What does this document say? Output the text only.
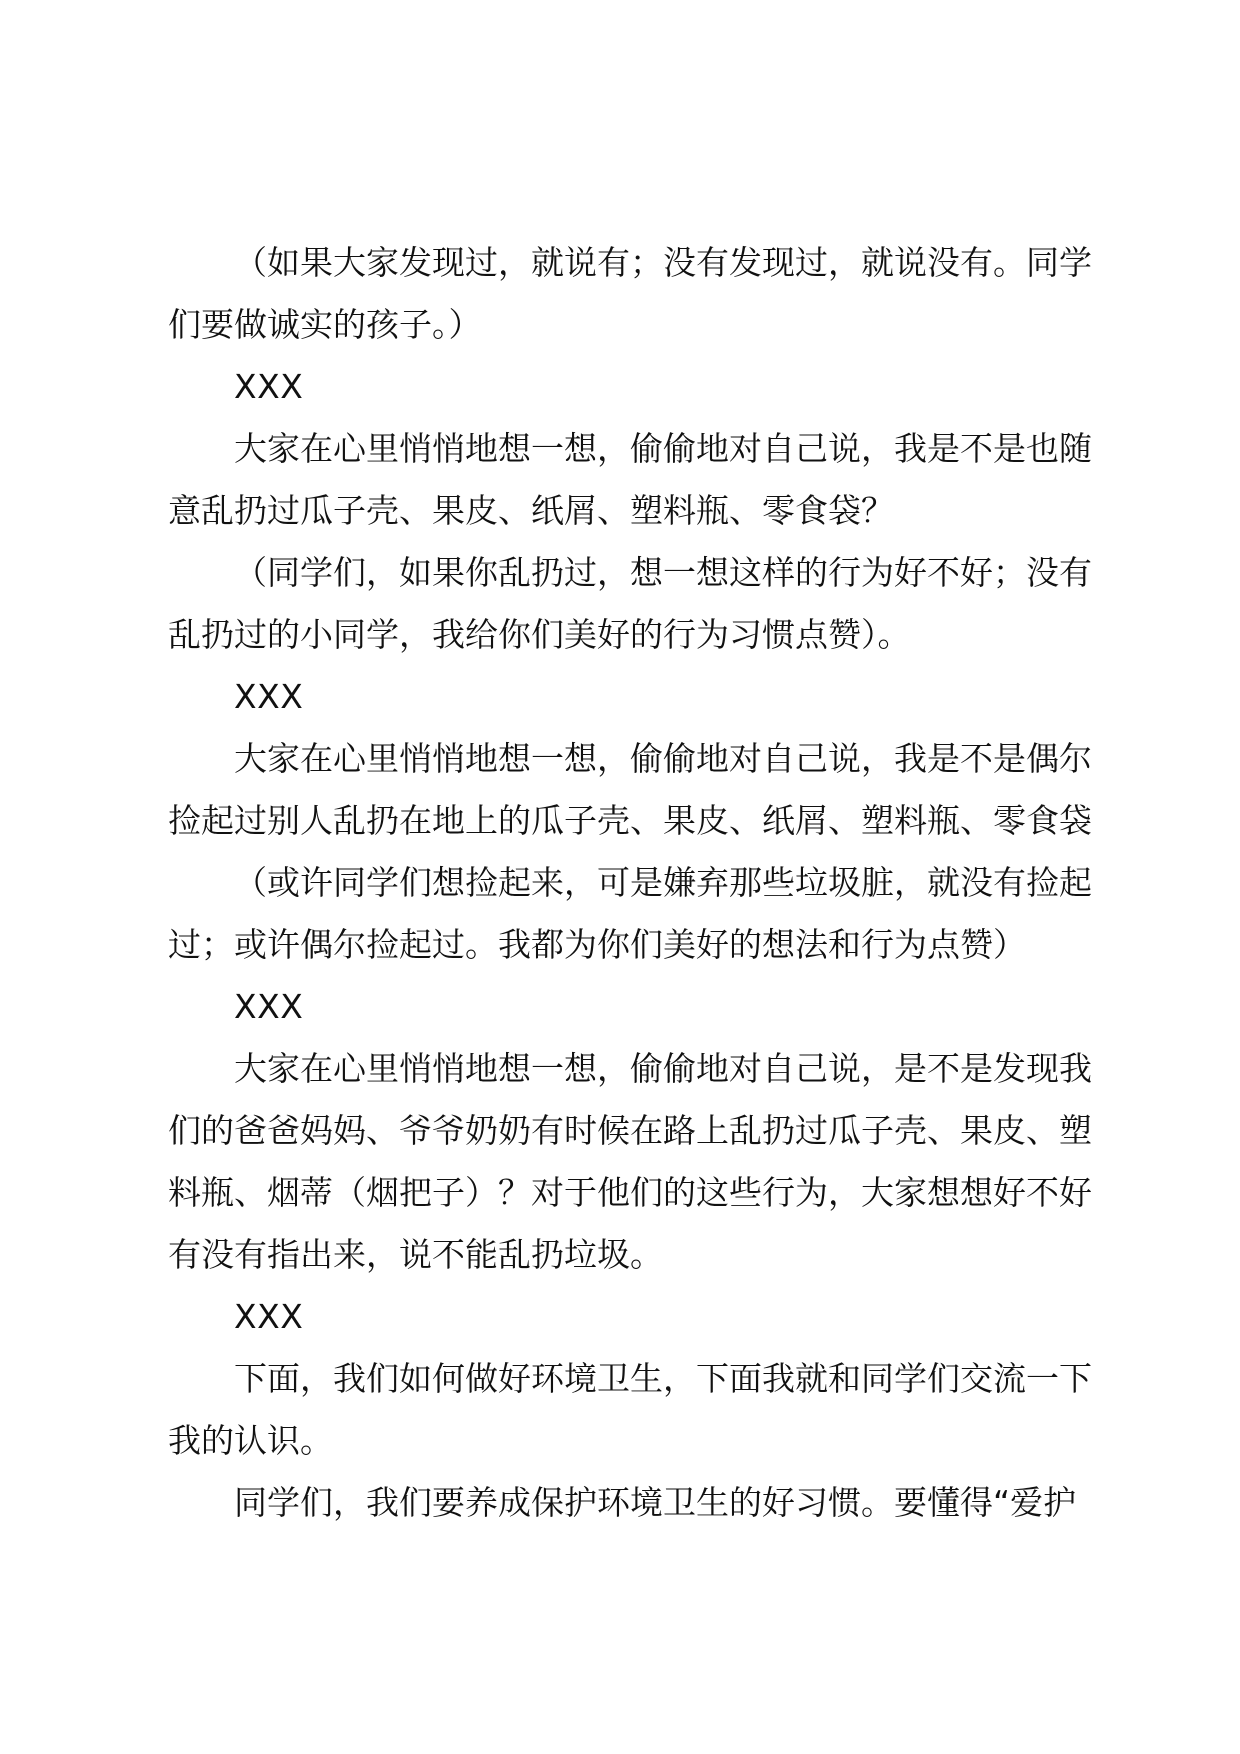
（如果大家发现过，就说有；没有发现过，就说没有。同学们要做诚实的孩子。）

XXX

大家在心里悄悄地想一想，偷偷地对自己说，我是不是也随意乱扔过瓜子壳、果皮、纸屑、塑料瓶、零食袋？

（同学们，如果你乱扔过，想一想这样的行为好不好；没有乱扔过的小同学，我给你们美好的行为习惯点赞）。

XXX

大家在心里悄悄地想一想，偷偷地对自己说，我是不是偶尔捡起过别人乱扔在地上的瓜子壳、果皮、纸屑、塑料瓶、零食袋

（或许同学们想捡起来，可是嫌弃那些垃圾脏，就没有捡起过；或许偶尔捡起过。我都为你们美好的想法和行为点赞）

XXX

大家在心里悄悄地想一想，偷偷地对自己说，是不是发现我们的爸爸妈妈、爷爷奶奶有时候在路上乱扔过瓜子壳、果皮、塑料瓶、烟蒂（烟把子）？对于他们的这些行为，大家想想好不好有没有指出来，说不能乱扔垃圾。

XXX

下面，我们如何做好环境卫生，下面我就和同学们交流一下我的认识。

同学们，我们要养成保护环境卫生的好习惯。要懂得“爱护
